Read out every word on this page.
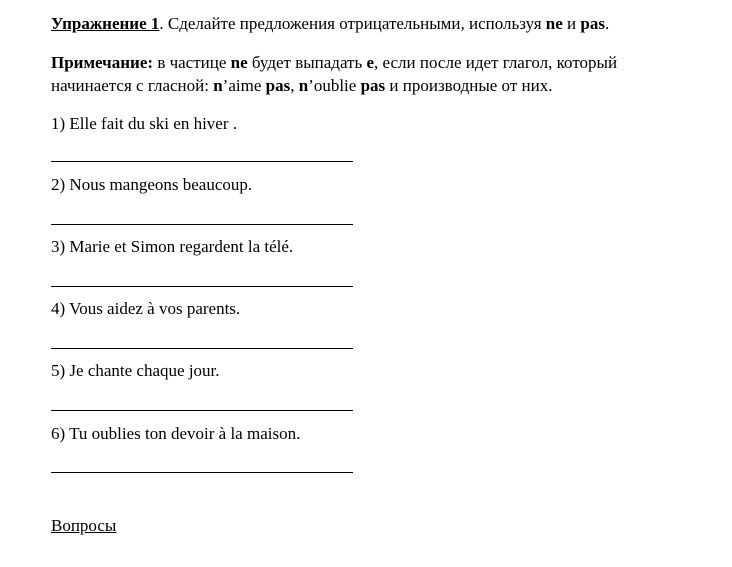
Упражнение 1. Сделайте предложения отрицательными, используя ne и pas.
Примечание: в частице ne будет выпадать e, если после идет глагол, который
начинается с гласной: n’aime pas, n’oublie pas и производные от них.
1) Elle fait du ski en hiver .
2) Nous mangeons beaucoup.
3) Marie et Simon regardent la télé.
4) Vous aidez à vos parents.
5) Je chante chaque jour.
6) Tu oublies ton devoir à la maison.
Вопросы
